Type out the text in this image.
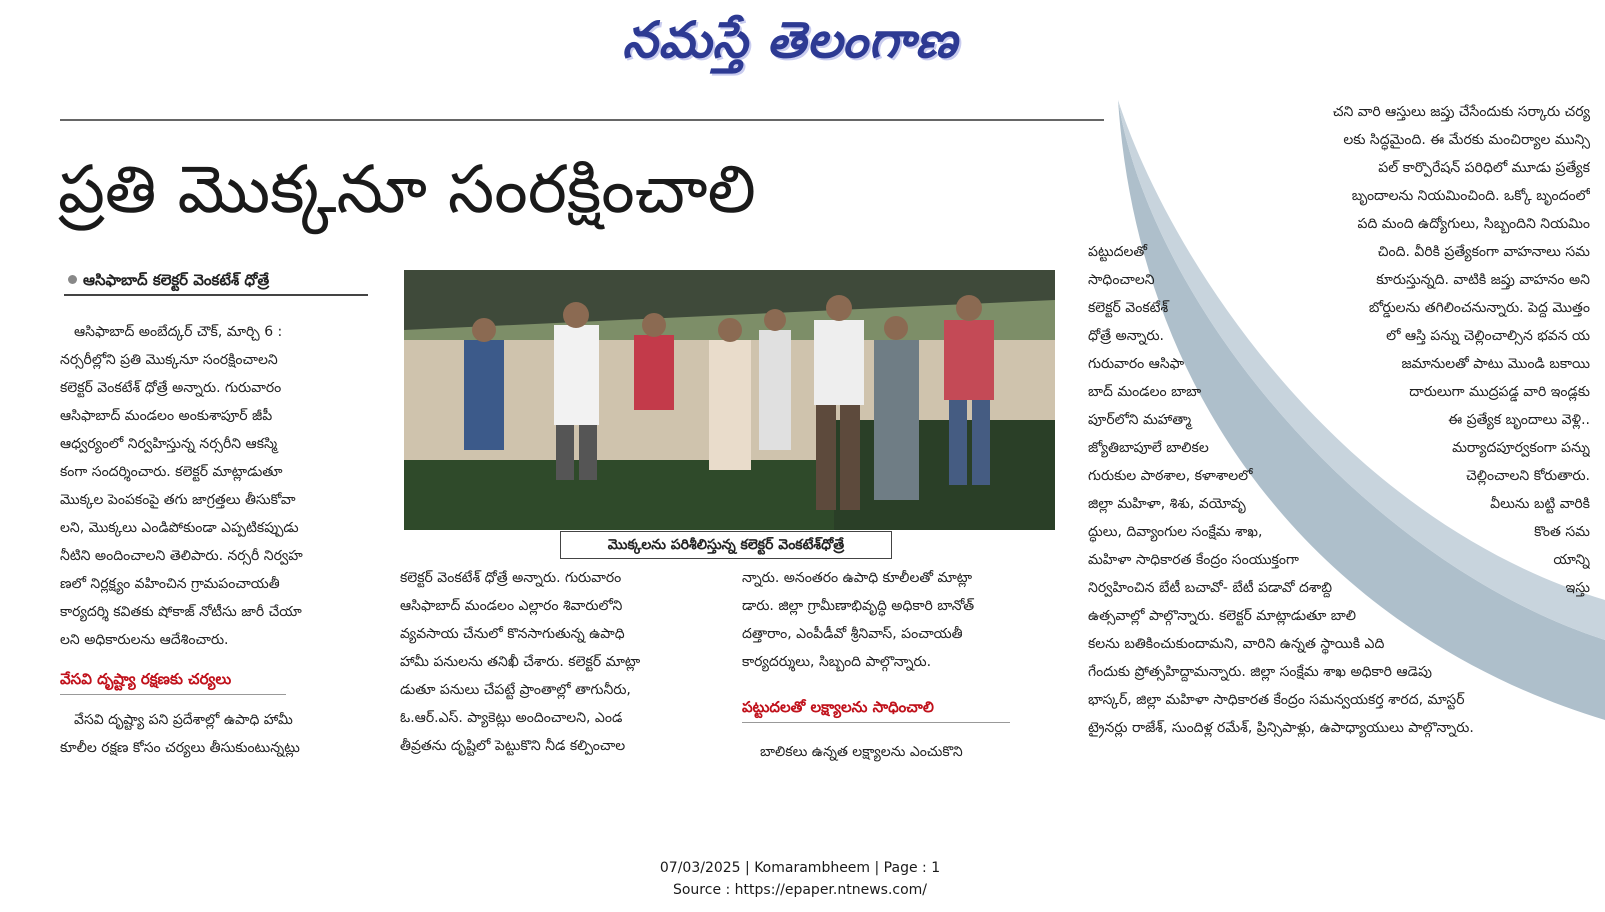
నమస్తే తెలంగాణ
ప్రతి మొక్కనూ సంరక్షించాలి
ఆసిఫాబాద్ కలెక్టర్ వెంకటేశ్ ధోత్రే
ఆసిఫాబాద్ అంబేద్కర్ చౌక్, మార్చి 6 :
నర్సరీల్లోని ప్రతి మొక్కనూ సంరక్షించాలని
కలెక్టర్ వెంకటేశ్ ధోత్రే అన్నారు. గురువారం
ఆసిఫాబాద్ మండలం అంకుశాపూర్ జీపీ
ఆధ్వర్యంలో నిర్వహిస్తున్న నర్సరీని ఆకస్మి
కంగా సందర్శించారు. కలెక్టర్ మాట్లాడుతూ
మొక్కల పెంపకంపై తగు జాగ్రత్తలు తీసుకోవా
లని, మొక్కలు ఎండిపోకుండా ఎప్పటికప్పుడు
నీటిని అందించాలని తెలిపారు. నర్సరీ నిర్వహ
ణలో నిర్లక్ష్యం వహించిన గ్రామపంచాయతీ
కార్యదర్శి కవితకు షోకాజ్ నోటీసు జారీ చేయా
లని అధికారులను ఆదేశించారు.
వేసవి దృష్ట్యా రక్షణకు చర్యలు
వేసవి దృష్ట్యా పని ప్రదేశాల్లో ఉపాధి హామీ
కూలీల రక్షణ కోసం చర్యలు తీసుకుంటున్నట్లు
మొక్కలను పరిశీలిస్తున్న కలెక్టర్ వెంకటేశ్‌ధోత్రే
కలెక్టర్ వెంకటేశ్ ధోత్రే అన్నారు. గురువారం
ఆసిఫాబాద్ మండలం ఎల్లారం శివారులోని
వ్యవసాయ చేనులో కొనసాగుతున్న ఉపాధి
హామీ పనులను తనిఖీ చేశారు. కలెక్టర్ మాట్లా
డుతూ పనులు చేపట్టే ప్రాంతాల్లో తాగునీరు,
ఓ.ఆర్.ఎస్. ప్యాకెట్లు అందించాలని, ఎండ
తీవ్రతను దృష్టిలో పెట్టుకొని నీడ కల్పించాల
న్నారు. అనంతరం ఉపాధి కూలీలతో మాట్లా
డారు. జిల్లా గ్రామీణాభివృద్ధి అధికారి బానోత్
దత్తారాం, ఎంపీడీవో శ్రీనివాస్, పంచాయతీ
కార్యదర్శులు, సిబ్బంది పాల్గొన్నారు.
పట్టుదలతో లక్ష్యాలను సాధించాలి
బాలికలు ఉన్నత లక్ష్యాలను ఎంచుకొని
పట్టుదలతో
సాధించాలని
కలెక్టర్ వెంకటేశ్
ధోత్రే అన్నారు.
గురువారం ఆసిఫా
బాద్ మండలం బాబా
పూర్‌లోని మహాత్మా
జ్యోతిబాపూలే బాలికల
గురుకుల పాఠశాల, కళాశాలలో
జిల్లా మహిళా, శిశు, వయోవృ
ద్ధులు, దివ్యాంగుల సంక్షేమ శాఖ,
మహిళా సాధికారత కేంద్రం సంయుక్తంగా
నిర్వహించిన బేటీ బచావో- బేటీ పడావో దశాబ్ది
ఉత్సవాల్లో పాల్గొన్నారు. కలెక్టర్ మాట్లాడుతూ బాలి
కలను బతికించుకుందామని, వారిని ఉన్నత స్థాయికి ఎది
గేందుకు ప్రోత్సహిద్దామన్నారు. జిల్లా సంక్షేమ శాఖ అధికారి ఆడెపు
భాస్కర్, జిల్లా మహిళా సాధికారత కేంద్రం సమన్వయకర్త శారద, మాస్టర్
ట్రైనర్లు రాజేశ్, సుందిళ్ల రమేశ్, ప్రిన్సిపాళ్లు, ఉపాధ్యాయులు పాల్గొన్నారు.
చని వారి ఆస్తులు జప్తు చేసేందుకు సర్కారు చర్య
లకు సిద్ధమైంది. ఈ మేరకు మంచిర్యాల మున్సి
పల్ కార్పొరేషన్ పరిధిలో మూడు ప్రత్యేక
బృందాలను నియమించింది. ఒక్కో బృందంలో
పది మంది ఉద్యోగులు, సిబ్బందిని నియమిం
చింది. వీరికి ప్రత్యేకంగా వాహనాలు సమ
కూరుస్తున్నది. వాటికి జప్తు వాహనం అని
బోర్డులను తగిలించనున్నారు. పెద్ద మొత్తం
లో ఆస్తి పన్ను చెల్లించాల్సిన భవన య
జమానులతో పాటు మొండి బకాయి
దారులుగా ముద్రపడ్డ వారి ఇండ్లకు
ఈ ప్రత్యేక బృందాలు వెళ్లి..
మర్యాదపూర్వకంగా పన్ను
చెల్లించాలని కోరుతారు.
వీలును బట్టి వారికి
కొంత సమ
యాన్ని
ఇస్తు
07/03/2025 | Komarambheem | Page : 1
Source : https://epaper.ntnews.com/
